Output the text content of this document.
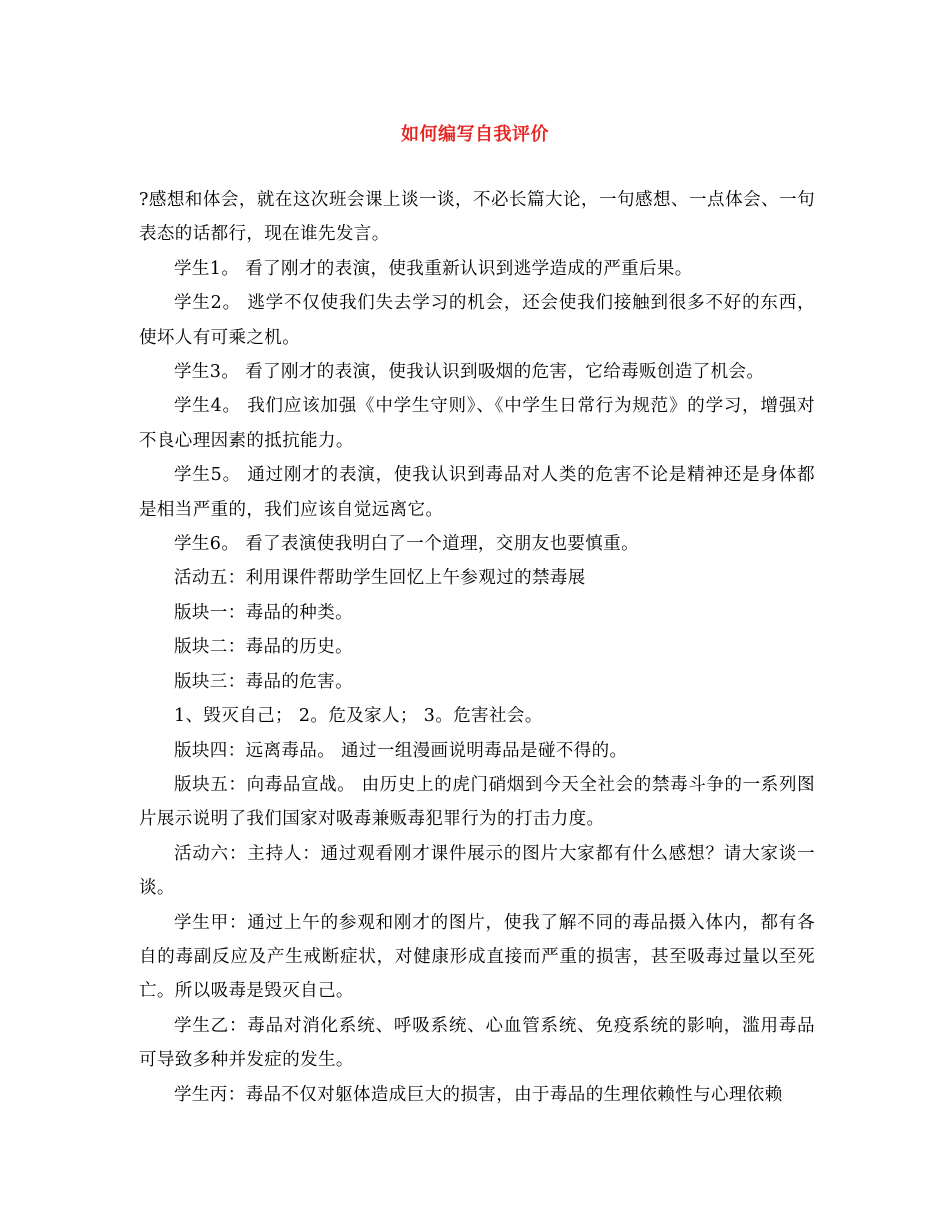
如何编写自我评价

?感想和体会，就在这次班会课上谈一谈，不必长篇大论，一句感想、一点体会、一句表态的话都行，现在谁先发言。

学生1。 看了刚才的表演，使我重新认识到逃学造成的严重后果。

学生2。 逃学不仅使我们失去学习的机会，还会使我们接触到很多不好的东西，使坏人有可乘之机。

学生3。 看了刚才的表演，使我认识到吸烟的危害，它给毒贩创造了机会。

学生4。 我们应该加强《中学生守则》、《中学生日常行为规范》的学习，增强对不良心理因素的抵抗能力。

学生5。 通过刚才的表演，使我认识到毒品对人类的危害不论是精神还是身体都是相当严重的，我们应该自觉远离它。

学生6。 看了表演使我明白了一个道理，交朋友也要慎重。

活动五：利用课件帮助学生回忆上午参观过的禁毒展

版块一：毒品的种类。

版块二：毒品的历史。

版块三：毒品的危害。

1、毁灭自己； 2。危及家人； 3。危害社会。

版块四：远离毒品。 通过一组漫画说明毒品是碰不得的。

版块五：向毒品宣战。 由历史上的虎门硝烟到今天全社会的禁毒斗争的一系列图片展示说明了我们国家对吸毒兼贩毒犯罪行为的打击力度。

活动六：主持人：通过观看刚才课件展示的图片大家都有什么感想？请大家谈一谈。

学生甲：通过上午的参观和刚才的图片，使我了解不同的毒品摄入体内，都有各自的毒副反应及产生戒断症状，对健康形成直接而严重的损害，甚至吸毒过量以至死亡。所以吸毒是毁灭自己。

学生乙：毒品对消化系统、呼吸系统、心血管系统、免疫系统的影响，滥用毒品可导致多种并发症的发生。

学生丙：毒品不仅对躯体造成巨大的损害，由于毒品的生理依赖性与心理依赖
